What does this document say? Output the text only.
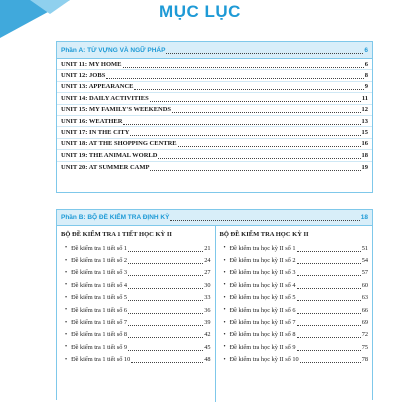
MỤC LỤC
Phần A: TỪ VỰNG VÀ NGỮ PHÁP	6
UNIT 11: MY HOME	6
UNIT 12: JOBS	8
UNIT 13: APPEARANCE	9
UNIT 14: DAILY ACTIVITIES	11
UNIT 15: MY FAMILY'S WEEKENDS	12
UNIT 16: WEATHER	13
UNIT 17: IN THE CITY	15
UNIT 18: AT THE SHOPPING CENTRE	16
UNIT 19: THE ANIMAL WORLD	18
UNIT 20: AT SUMMER CAMP	19
Phần B: BỘ ĐỀ KIỂM TRA ĐỊNH KỲ	18
BỘ ĐỀ KIỂM TRA 1 TIẾT HỌC KỲ II
• Đề kiểm tra 1 tiết số 1	21
• Đề kiểm tra 1 tiết số 2	24
• Đề kiểm tra 1 tiết số 3	27
• Đề kiểm tra 1 tiết số 4	30
• Đề kiểm tra 1 tiết số 5	33
• Đề kiểm tra 1 tiết số 6	36
• Đề kiểm tra 1 tiết số 7	39
• Đề kiểm tra 1 tiết số 8	42
• Đề kiểm tra 1 tiết số 9	45
• Đề kiểm tra 1 tiết số 10	48
BỘ ĐỀ KIỂM TRA HỌC KỲ II
• Đề kiểm tra học kỳ II số 1	51
• Đề kiểm tra học kỳ II số 2	54
• Đề kiểm tra học kỳ II số 3	57
• Đề kiểm tra học kỳ II số 4	60
• Đề kiểm tra học kỳ II số 5	63
• Đề kiểm tra học kỳ II số 6	66
• Đề kiểm tra học kỳ II số 7	69
• Đề kiểm tra học kỳ II số 8	72
• Đề kiểm tra học kỳ II số 9	75
• Đề kiểm tra học kỳ II số 10	78
